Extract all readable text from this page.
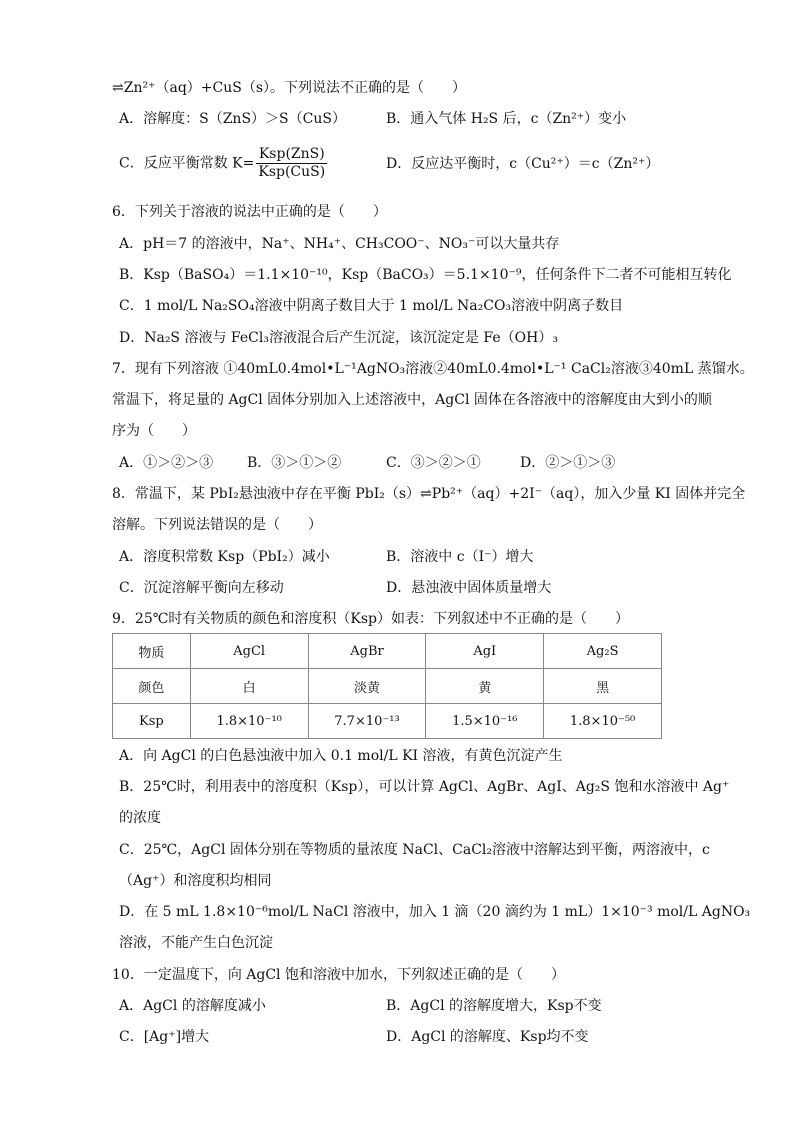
⇌Zn²⁺（aq）+CuS（s）。下列说法不正确的是（　　）
A．溶解度：S（ZnS）＞S（CuS）	B．通入气体 H₂S 后，c（Zn²⁺）变小
C．反应平衡常数 $K= \frac{\text{Ksp(ZnS)}}{\text{Ksp(CuS)}}$	D．反应达平衡时，c（Cu²⁺）＝c（Zn²⁺）
6．下列关于溶液的说法中正确的是（　　）
A．pH＝7 的溶液中，Na⁺、NH₄⁺、CH₃COO⁻、NO₃⁻可以大量共存
B．Ksp（BaSO₄）＝1.1×10⁻¹⁰，Ksp（BaCO₃）＝5.1×10⁻⁹，任何条件下二者不可能相互转化
C．1 mol/L Na₂SO₄溶液中阴离子数目大于 1 mol/L Na₂CO₃溶液中阴离子数目
D．Na₂S 溶液与 FeCl₃溶液混合后产生沉淀，该沉淀定是 Fe（OH）₃
7．现有下列溶液 ①40mL0.4mol•L⁻¹AgNO₃溶液②40mL0.4mol•L⁻¹ CaCl₂溶液③40mL 蒸馏水。
常温下，将足量的 AgCl 固体分别加入上述溶液中，AgCl 固体在各溶液中的溶解度由大到小的顺
序为（　　）
A．①＞②＞③ B．③＞①＞②	C．③＞②＞①	D．②＞①＞③
8．常温下，某 PbI₂悬浊液中存在平衡 PbI₂（s）⇌Pb²⁺（aq）+2I⁻（aq），加入少量 KI 固体并完全
溶解。下列说法错误的是（　　）
A．溶度积常数 Ksp（PbI₂）减小	B．溶液中 c（I⁻）增大
C．沉淀溶解平衡向左移动	D．悬浊液中固体质量增大
9．25℃时有关物质的颜色和溶度积（Ksp）如表：下列叙述中不正确的是（　　）
物质	AgCl	AgBr	AgI	Ag₂S
颜色	白	淡黄	黄	黑
Ksp	1.8×10⁻¹⁰	7.7×10⁻¹³	1.5×10⁻¹⁶	1.8×10⁻⁵⁰
A．向 AgCl 的白色悬浊液中加入 0.1 mol/L KI 溶液，有黄色沉淀产生
B．25℃时，利用表中的溶度积（Ksp），可以计算 AgCl、AgBr、AgI、Ag₂S 饱和水溶液中 Ag⁺
的浓度
C．25℃，AgCl 固体分别在等物质的量浓度 NaCl、CaCl₂溶液中溶解达到平衡，两溶液中，c
（Ag⁺）和溶度积均相同
D．在 5 mL 1.8×10⁻⁶mol/L NaCl 溶液中，加入 1 滴（20 滴约为 1 mL）1×10⁻³ mol/L AgNO₃
溶液，不能产生白色沉淀
10．一定温度下，向 AgCl 饱和溶液中加水，下列叙述正确的是（　　）
A．AgCl 的溶解度减小	B．AgCl 的溶解度增大，Ksp不变
C．[Ag⁺]增大	D．AgCl 的溶解度、Ksp均不变
